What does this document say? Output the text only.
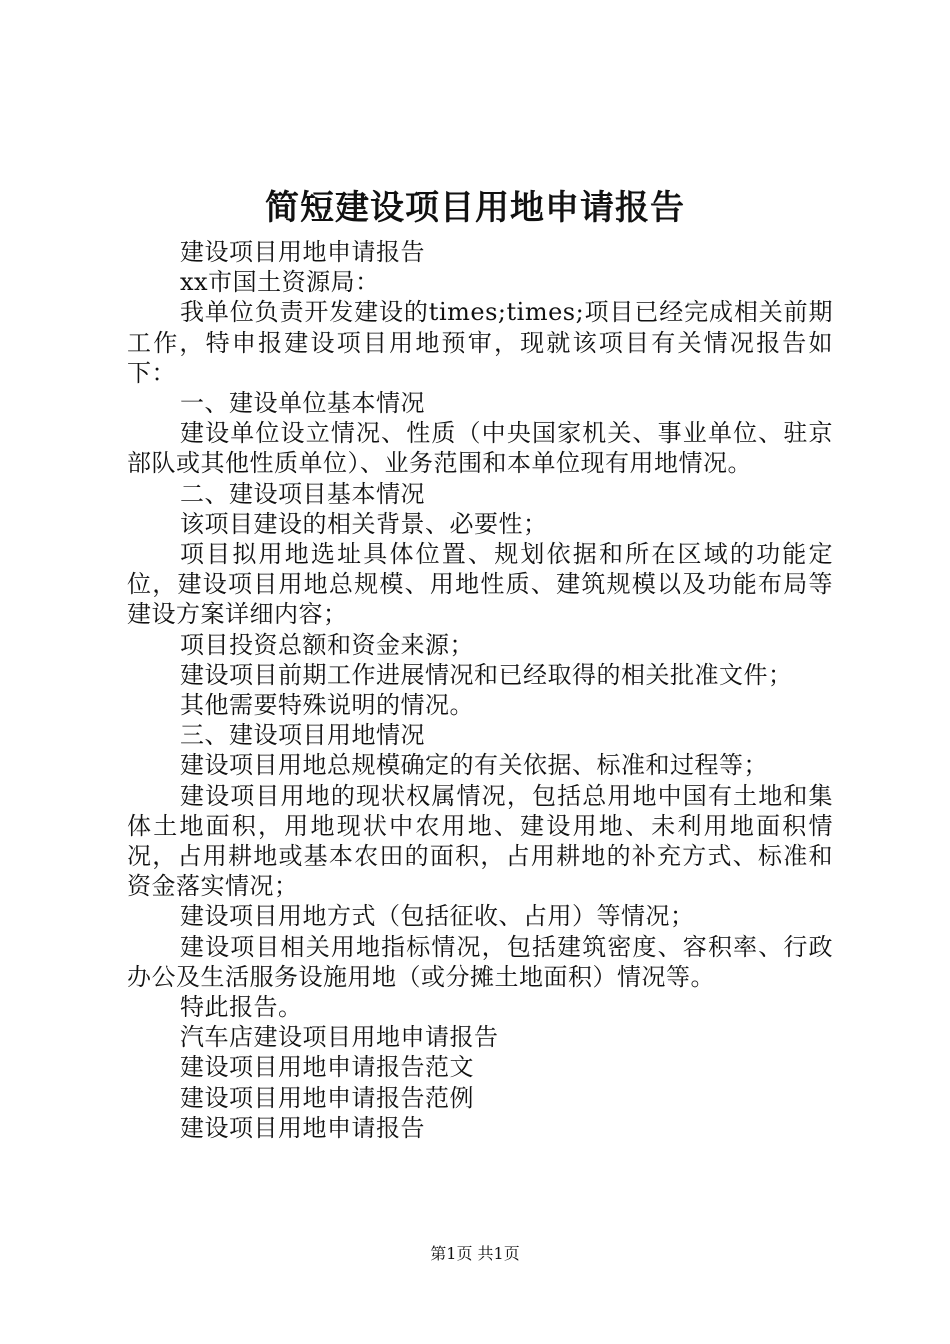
简短建设项目用地申请报告

建设项目用地申请报告

xx市国土资源局：

我单位负责开发建设的times;times;项目已经完成相关前期工作，特申报建设项目用地预审，现就该项目有关情况报告如下：

一、建设单位基本情况

建设单位设立情况、性质（中央国家机关、事业单位、驻京部队或其他性质单位）、业务范围和本单位现有用地情况。

二、建设项目基本情况

该项目建设的相关背景、必要性；

项目拟用地选址具体位置、规划依据和所在区域的功能定位，建设项目用地总规模、用地性质、建筑规模以及功能布局等建设方案详细内容；

项目投资总额和资金来源；

建设项目前期工作进展情况和已经取得的相关批准文件；

其他需要特殊说明的情况。

三、建设项目用地情况

建设项目用地总规模确定的有关依据、标准和过程等；

建设项目用地的现状权属情况，包括总用地中国有土地和集体土地面积，用地现状中农用地、建设用地、未利用地面积情况，占用耕地或基本农田的面积，占用耕地的补充方式、标准和资金落实情况；

建设项目用地方式（包括征收、占用）等情况；

建设项目相关用地指标情况，包括建筑密度、容积率、行政办公及生活服务设施用地（或分摊土地面积）情况等。

特此报告。

汽车店建设项目用地申请报告

建设项目用地申请报告范文

建设项目用地申请报告范例

建设项目用地申请报告

第1页 共1页
